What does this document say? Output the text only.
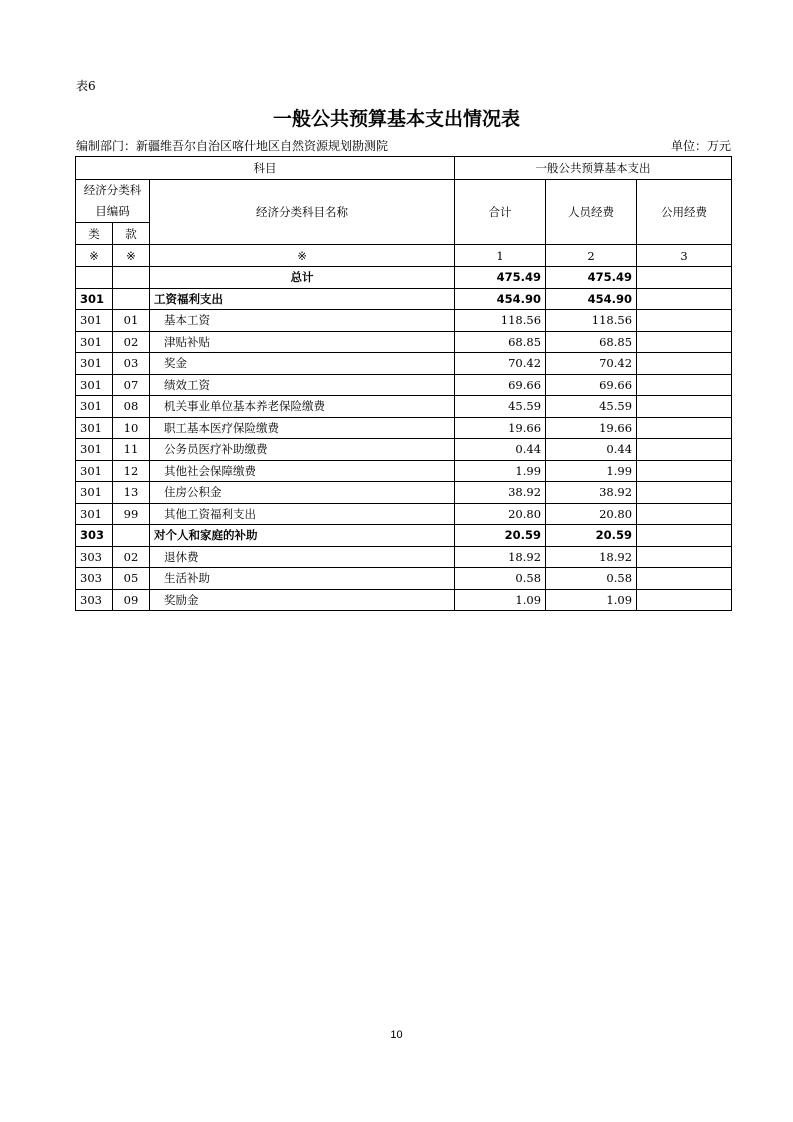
表6
一般公共预算基本支出情况表
编制部门：新疆维吾尔自治区喀什地区自然资源规划勘测院	单位：万元
科目			一般公共预算基本支出		
经济分类科目编码		经济分类科目名称	合计	人员经费	公用经费
类	款				
※	※	※	1	2	3
		总计	475.49	475.49	
301		工资福利支出	454.90	454.90	
301	01	基本工资	118.56	118.56	
301	02	津贴补贴	68.85	68.85	
301	03	奖金	70.42	70.42	
301	07	绩效工资	69.66	69.66	
301	08	机关事业单位基本养老保险缴费	45.59	45.59	
301	10	职工基本医疗保险缴费	19.66	19.66	
301	11	公务员医疗补助缴费	0.44	0.44	
301	12	其他社会保障缴费	1.99	1.99	
301	13	住房公积金	38.92	38.92	
301	99	其他工资福利支出	20.80	20.80	
303		对个人和家庭的补助	20.59	20.59	
303	02	退休费	18.92	18.92	
303	05	生活补助	0.58	0.58	
303	09	奖励金	1.09	1.09	
10
